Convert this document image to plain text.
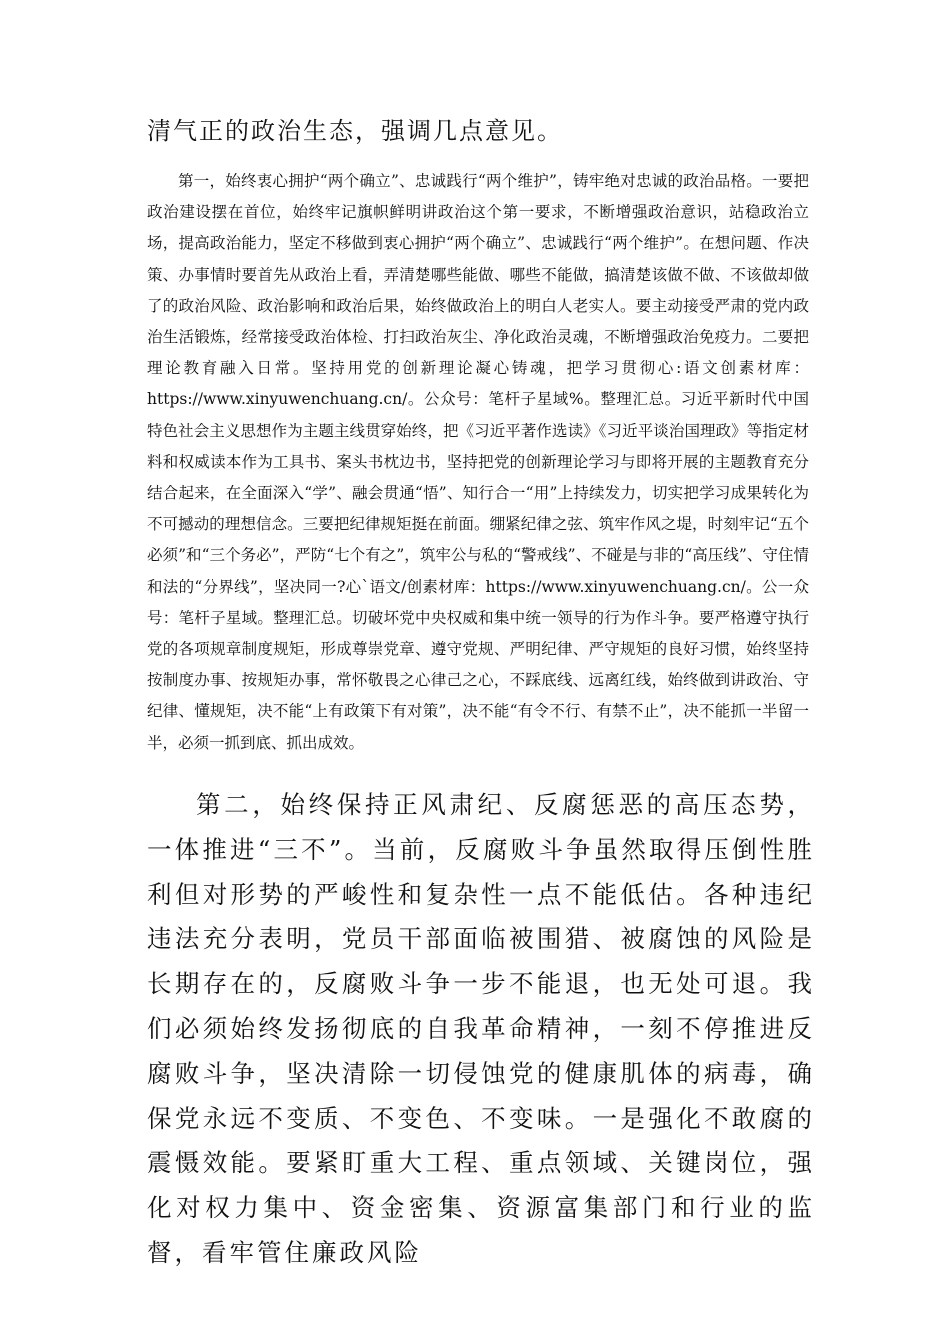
清气正的政治生态，强调几点意见。

第一，始终衷心拥护“两个确立”、忠诚践行“两个维护”，铸牢绝对忠诚的政治品格。一要把政治建设摆在首位，始终牢记旗帜鲜明讲政治这个第一要求，不断增强政治意识，站稳政治立场，提高政治能力，坚定不移做到衷心拥护“两个确立”、忠诚践行“两个维护”。在想问题、作决策、办事情时要首先从政治上看，弄清楚哪些能做、哪些不能做，搞清楚该做不做、不该做却做了的政治风险、政治影响和政治后果，始终做政治上的明白人老实人。要主动接受严肃的党内政治生活锻炼，经常接受政治体检、打扫政治灰尘、净化政治灵魂，不断增强政治免疫力。二要把理论教育融入日常。坚持用党的创新理论凝心铸魂，把学习贯彻心:语文创素材库：https://www.xinyuwenchuang.cn/。公众号：笔杆子星域%。整理汇总。习近平新时代中国特色社会主义思想作为主题主线贯穿始终，把《习近平著作选读》《习近平谈治国理政》等指定材料和权威读本作为工具书、案头书枕边书，坚持把党的创新理论学习与即将开展的主题教育充分结合起来，在全面深入“学”、融会贯通“悟”、知行合一“用”上持续发力，切实把学习成果转化为不可撼动的理想信念。三要把纪律规矩挺在前面。绷紧纪律之弦、筑牢作风之堤，时刻牢记“五个必须”和“三个务必”，严防“七个有之”，筑牢公与私的“警戒线”、不碰是与非的“高压线”、守住情和法的“分界线”，坚决同一?心`语文/创素材库：https://www.xinyuwenchuang.cn/。公一众号：笔杆子星域。整理汇总。切破坏党中央权威和集中统一领导的行为作斗争。要严格遵守执行党的各项规章制度规矩，形成尊崇党章、遵守党规、严明纪律、严守规矩的良好习惯，始终坚持按制度办事、按规矩办事，常怀敬畏之心律己之心，不踩底线、远离红线，始终做到讲政治、守纪律、懂规矩，决不能“上有政策下有对策”，决不能“有令不行、有禁不止”，决不能抓一半留一半，必须一抓到底、抓出成效。

第二，始终保持正风肃纪、反腐惩恶的高压态势，一体推进“三不”。当前，反腐败斗争虽然取得压倒性胜利但对形势的严峻性和复杂性一点不能低估。各种违纪违法充分表明，党员干部面临被围猎、被腐蚀的风险是长期存在的，反腐败斗争一步不能退，也无处可退。我们必须始终发扬彻底的自我革命精神，一刻不停推进反腐败斗争，坚决清除一切侵蚀党的健康肌体的病毒，确保党永远不变质、不变色、不变味。一是强化不敢腐的震慑效能。要紧盯重大工程、重点领域、关键岗位，强化对权力集中、资金密集、资源富集部门和行业的监督，看牢管住廉政风险
